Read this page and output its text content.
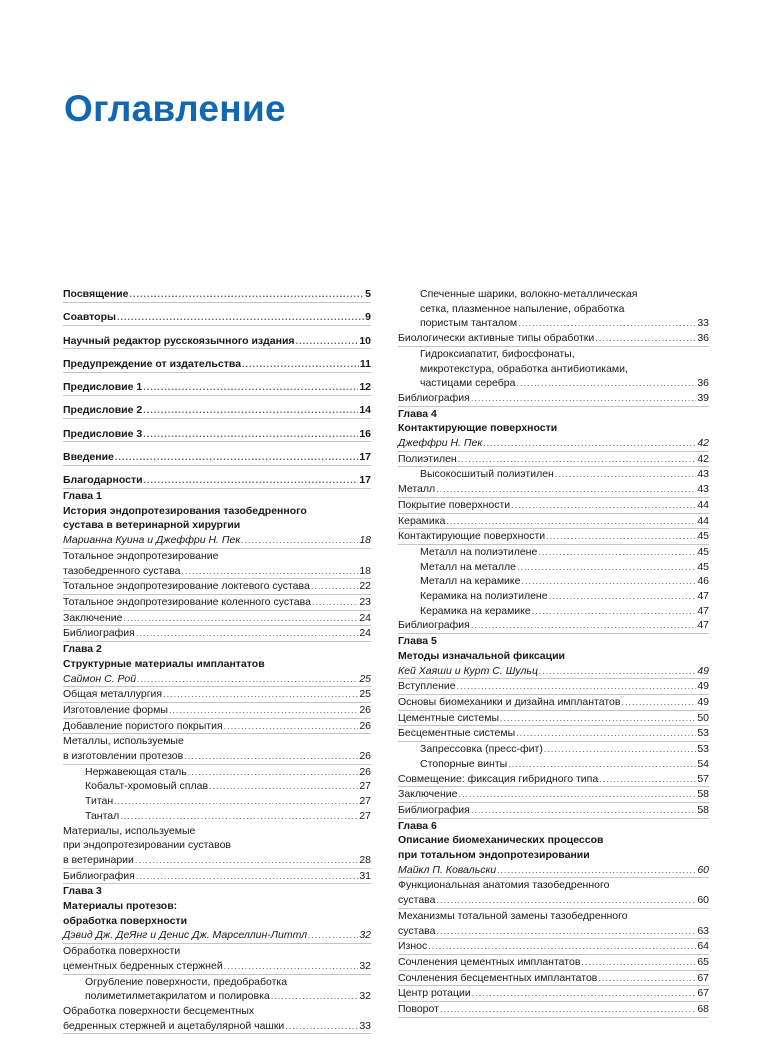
Оглавление
Посвящение .....	5
Соавторы .....	9
Научный редактор русскоязычного издания .....	10
Предупреждение от издательства .....	11
Предисловие 1 .....	12
Предисловие 2 .....	14
Предисловие 3 .....	16
Введение .....	17
Благодарности .....	17
Глава 1
История эндопротезирования тазобедренного
сустава в ветеринарной хирургии
Марианна Куина и Джеффри Н. Пек .....	18
Тотальное эндопротезирование
тазобедренного сустава .....	18
Тотальное эндопротезирование локтевого сустава .....	22
Тотальное эндопротезирование коленного сустава .....	23
Заключение .....	24
Библиография .....	24
Глава 2
Структурные материалы имплантатов
Саймон С. Рой .....	25
Общая металлургия .....	25
Изготовление формы .....	26
Добавление пористого покрытия .....	26
Металлы, используемые
в изготовлении протезов .....	26
Нержавеющая сталь .....	26
Кобальт-хромовый сплав .....	27
Титан .....	27
Тантал .....	27
Материалы, используемые
при эндопротезировании суставов
в ветеринарии .....	28
Библиография .....	31
Глава 3
Материалы протезов:
обработка поверхности
Дэвид Дж. ДеЯнг и Денис Дж. Марселлин-Литтл .....	32
Обработка поверхности
цементных бедренных стержней .....	32
Огрубление поверхности, предобработка
полиметилметакрилатом и полировка .....	32
Обработка поверхности бесцементных
бедренных стержней и ацетабулярной чашки .....	33
Спеченные шарики, волокно-металлическая
сетка, плазменное напыление, обработка
пористым танталом .....	33
Биологически активные типы обработки .....	36
Гидроксиапатит, бифосфонаты,
микротекстура, обработка антибиотиками,
частицами серебра .....	36
Библиография .....	39
Глава 4
Контактирующие поверхности
Джеффри Н. Пек .....	42
Полиэтилен .....	42
Высокосшитый полиэтилен .....	43
Металл .....	43
Покрытие поверхности .....	44
Керамика .....	44
Контактирующие поверхности .....	45
Металл на полиэтилене .....	45
Металл на металле .....	45
Металл на керамике .....	46
Керамика на полиэтилене .....	47
Керамика на керамике .....	47
Библиография .....	47
Глава 5
Методы изначальной фиксации
Кей Хаяши и Курт С. Шульц .....	49
Вступление .....	49
Основы биомеханики и дизайна имплантатов .....	49
Цементные системы .....	50
Бесцементные системы .....	53
Запрессовка (пресс-фит) .....	53
Стопорные винты .....	54
Совмещение: фиксация гибридного типа .....	57
Заключение .....	58
Библиография .....	58
Глава 6
Описание биомеханических процессов
при тотальном эндопротезировании
Майкл П. Ковальски .....	60
Функциональная анатомия тазобедренного
сустава .....	60
Механизмы тотальной замены тазобедренного
сустава .....	63
Износ .....	64
Сочленения цементных имплантатов .....	65
Сочленения бесцементных имплантатов .....	67
Центр ротации .....	67
Поворот .....	68
